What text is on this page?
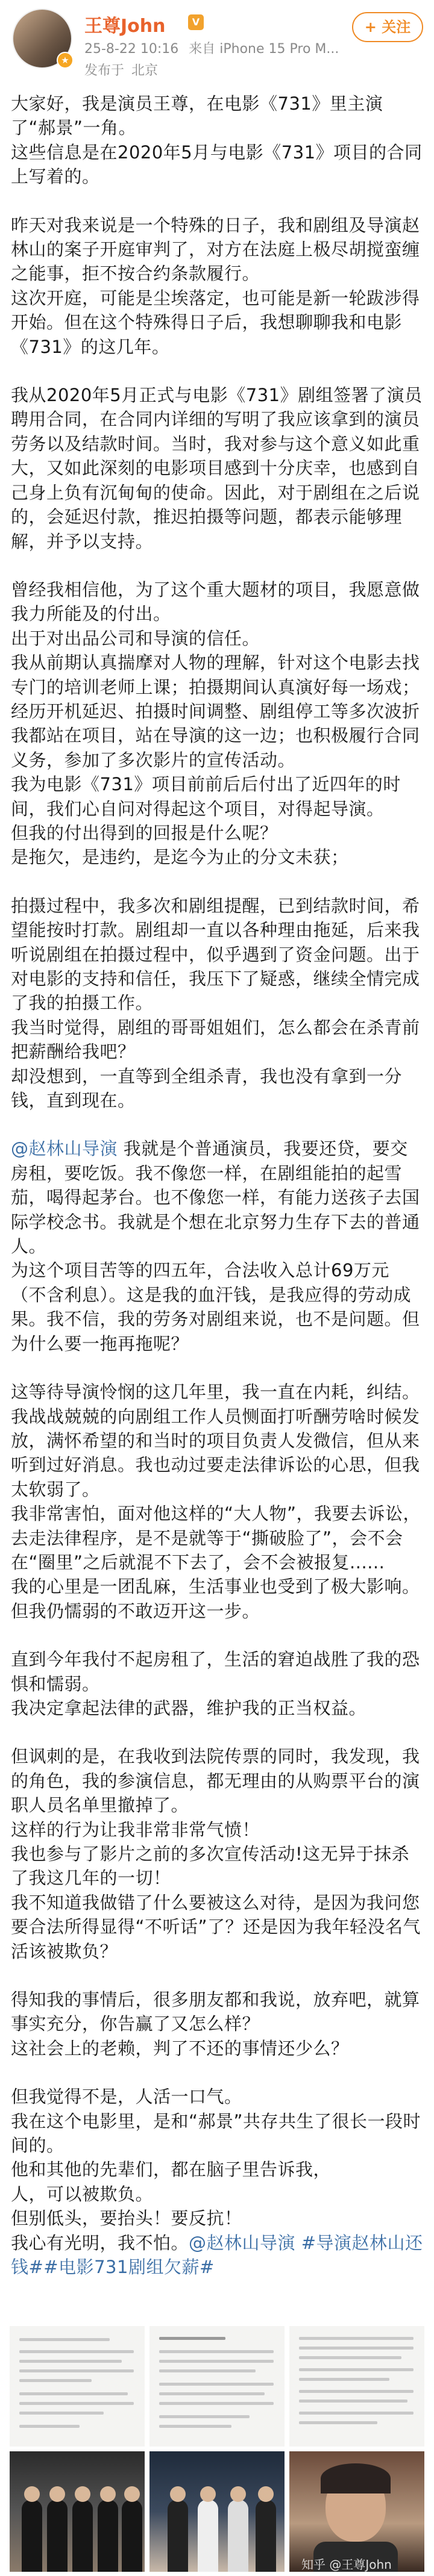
★
王尊John	V
25-8-22 10:16 来自 iPhone 15 Pro M...
发布于 北京
+ 关注

大家好，我是演员王尊，在电影《731》里主演了“郝景”一角。

这些信息是在2020年5月与电影《731》项目的合同上写着的。

昨天对我来说是一个特殊的日子，我和剧组及导演赵林山的案子开庭审判了，对方在法庭上极尽胡搅蛮缠之能事，拒不按合约条款履行。

这次开庭，可能是尘埃落定，也可能是新一轮跋涉得开始。但在这个特殊得日子后，我想聊聊我和电影《731》的这几年。

我从2020年5月正式与电影《731》剧组签署了演员聘用合同，在合同内详细的写明了我应该拿到的演员劳务以及结款时间。当时，我对参与这个意义如此重大，又如此深刻的电影项目感到十分庆幸，也感到自己身上负有沉甸甸的使命。因此，对于剧组在之后说的，会延迟付款，推迟拍摄等问题，都表示能够理解，并予以支持。

曾经我相信他，为了这个重大题材的项目，我愿意做我力所能及的付出。

出于对出品公司和导演的信任。

我从前期认真揣摩对人物的理解，针对这个电影去找专门的培训老师上课；拍摄期间认真演好每一场戏；经历开机延迟、拍摄时间调整、剧组停工等多次波折我都站在项目，站在导演的这一边；也积极履行合同义务，参加了多次影片的宣传活动。

我为电影《731》项目前前后后付出了近四年的时间，我们心自问对得起这个项目，对得起导演。

但我的付出得到的回报是什么呢？

是拖欠，是违约，是迄今为止的分文未获；

拍摄过程中，我多次和剧组提醒，已到结款时间，希望能按时打款。剧组却一直以各种理由拖延，后来我听说剧组在拍摄过程中，似乎遇到了资金问题。出于对电影的支持和信任，我压下了疑惑，继续全情完成了我的拍摄工作。

我当时觉得，剧组的哥哥姐姐们，怎么都会在杀青前把薪酬给我吧？

却没想到，一直等到全组杀青，我也没有拿到一分钱，直到现在。

@赵林山导演 我就是个普通演员，我要还贷，要交房租，要吃饭。我不像您一样，在剧组能拍的起雪茄，喝得起茅台。也不像您一样，有能力送孩子去国际学校念书。我就是个想在北京努力生存下去的普通人。

为这个项目苦等的四五年，合法收入总计69万元（不含利息）。这是我的血汗钱，是我应得的劳动成果。我不信，我的劳务对剧组来说，也不是问题。但为什么要一拖再拖呢？

这等待导演怜悯的这几年里，我一直在内耗，纠结。

我战战兢兢的向剧组工作人员恻面打听酬劳啥时候发放，满怀希望的和当时的项目负责人发微信，但从来听到过好消息。我也动过要走法律诉讼的心思，但我太软弱了。

我非常害怕，面对他这样的“大人物”，我要去诉讼，去走法律程序，是不是就等于“撕破脸了”，会不会在“圈里”之后就混不下去了，会不会被报复......

我的心里是一团乱麻，生活事业也受到了极大影响。但我仍懦弱的不敢迈开这一步。

直到今年我付不起房租了，生活的窘迫战胜了我的恐惧和懦弱。

我决定拿起法律的武器，维护我的正当权益。

但讽刺的是，在我收到法院传票的同时，我发现，我的角色，我的参演信息，都无理由的从购票平台的演职人员名单里撤掉了。

这样的行为让我非常非常气愤！

我也参与了影片之前的多次宣传活动!这无异于抹杀了我这几年的一切！

我不知道我做错了什么要被这么对待，是因为我问您要合法所得显得“不听话”了？还是因为我年轻没名气活该被欺负？

得知我的事情后，很多朋友都和我说，放弃吧，就算事实充分，你告赢了又怎么样？

这社会上的老赖，判了不还的事情还少么？

但我觉得不是，人活一口气。

我在这个电影里，是和“郝景”共存共生了很长一段时间的。

他和其他的先辈们，都在脑子里告诉我，

人，可以被欺负。

但别低头，要抬头！要反抗！

我心有光明，我不怕。@赵林山导演 #导演赵林山还钱##电影731剧组欠薪#

知乎 @王尊John
